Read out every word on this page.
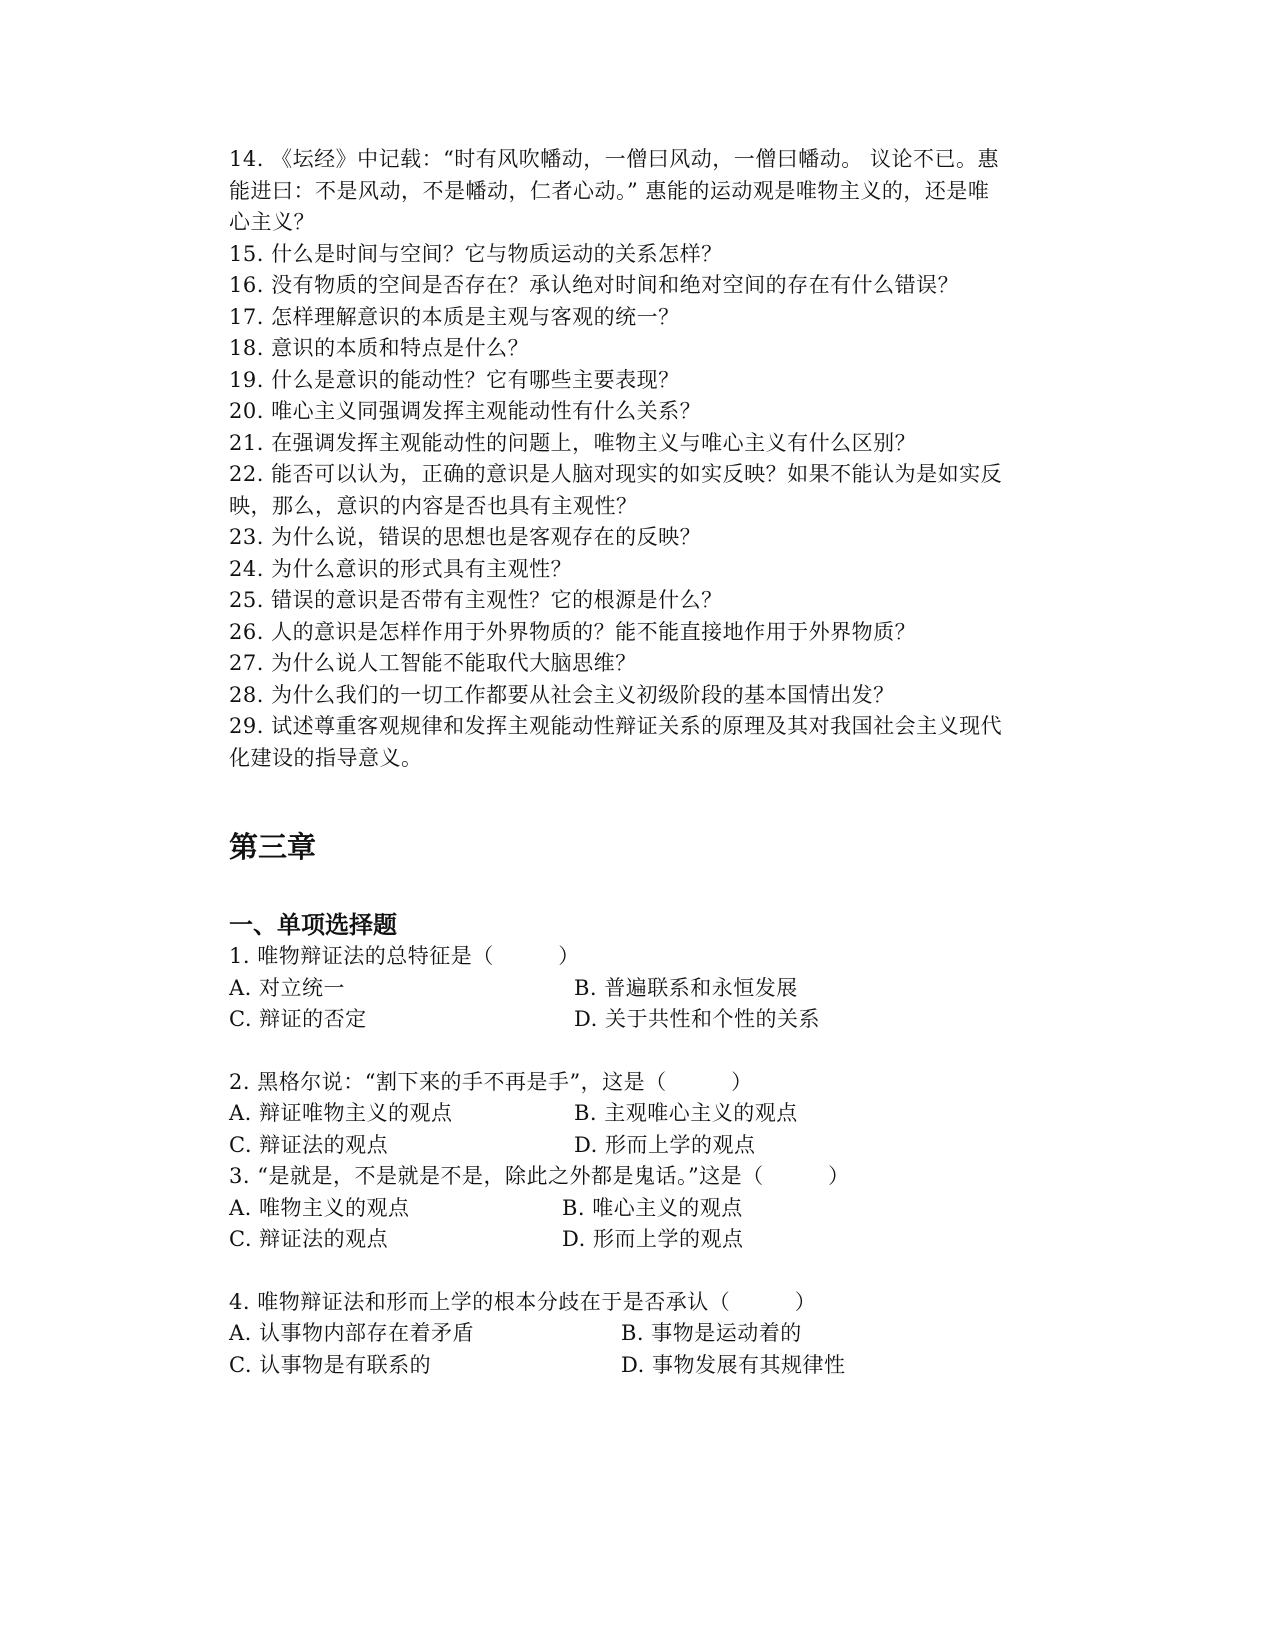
14. 《坛经》中记载：“时有风吹幡动，一僧曰风动，一僧曰幡动。 议论不已。惠
能进曰：不是风动，不是幡动，仁者心动。” 惠能的运动观是唯物主义的，还是唯
心主义？
15. 什么是时间与空间？它与物质运动的关系怎样？
16. 没有物质的空间是否存在？承认绝对时间和绝对空间的存在有什么错误？
17. 怎样理解意识的本质是主观与客观的统一？
18. 意识的本质和特点是什么？
19. 什么是意识的能动性？它有哪些主要表现？
20. 唯心主义同强调发挥主观能动性有什么关系？
21. 在强调发挥主观能动性的问题上，唯物主义与唯心主义有什么区别？
22. 能否可以认为，正确的意识是人脑对现实的如实反映？如果不能认为是如实反
映，那么，意识的内容是否也具有主观性？
23. 为什么说，错误的思想也是客观存在的反映？
24. 为什么意识的形式具有主观性？
25. 错误的意识是否带有主观性？它的根源是什么？
26. 人的意识是怎样作用于外界物质的？能不能直接地作用于外界物质？
27. 为什么说人工智能不能取代大脑思维？
28. 为什么我们的一切工作都要从社会主义初级阶段的基本国情出发？
29. 试述尊重客观规律和发挥主观能动性辩证关系的原理及其对我国社会主义现代
化建设的指导意义。
第三章
一、单项选择题
1. 唯物辩证法的总特征是（　　　）
A. 对立统一	B. 普遍联系和永恒发展
C. 辩证的否定	D. 关于共性和个性的关系
2. 黑格尔说：“割下来的手不再是手”，这是（　　　）
A. 辩证唯物主义的观点	B. 主观唯心主义的观点
C. 辩证法的观点	D. 形而上学的观点
3. “是就是，不是就是不是，除此之外都是鬼话。”这是（　　　）
A. 唯物主义的观点	B. 唯心主义的观点
C. 辩证法的观点	D. 形而上学的观点
4. 唯物辩证法和形而上学的根本分歧在于是否承认（　　　）
A. 认事物内部存在着矛盾	B. 事物是运动着的
C. 认事物是有联系的	D. 事物发展有其规律性
